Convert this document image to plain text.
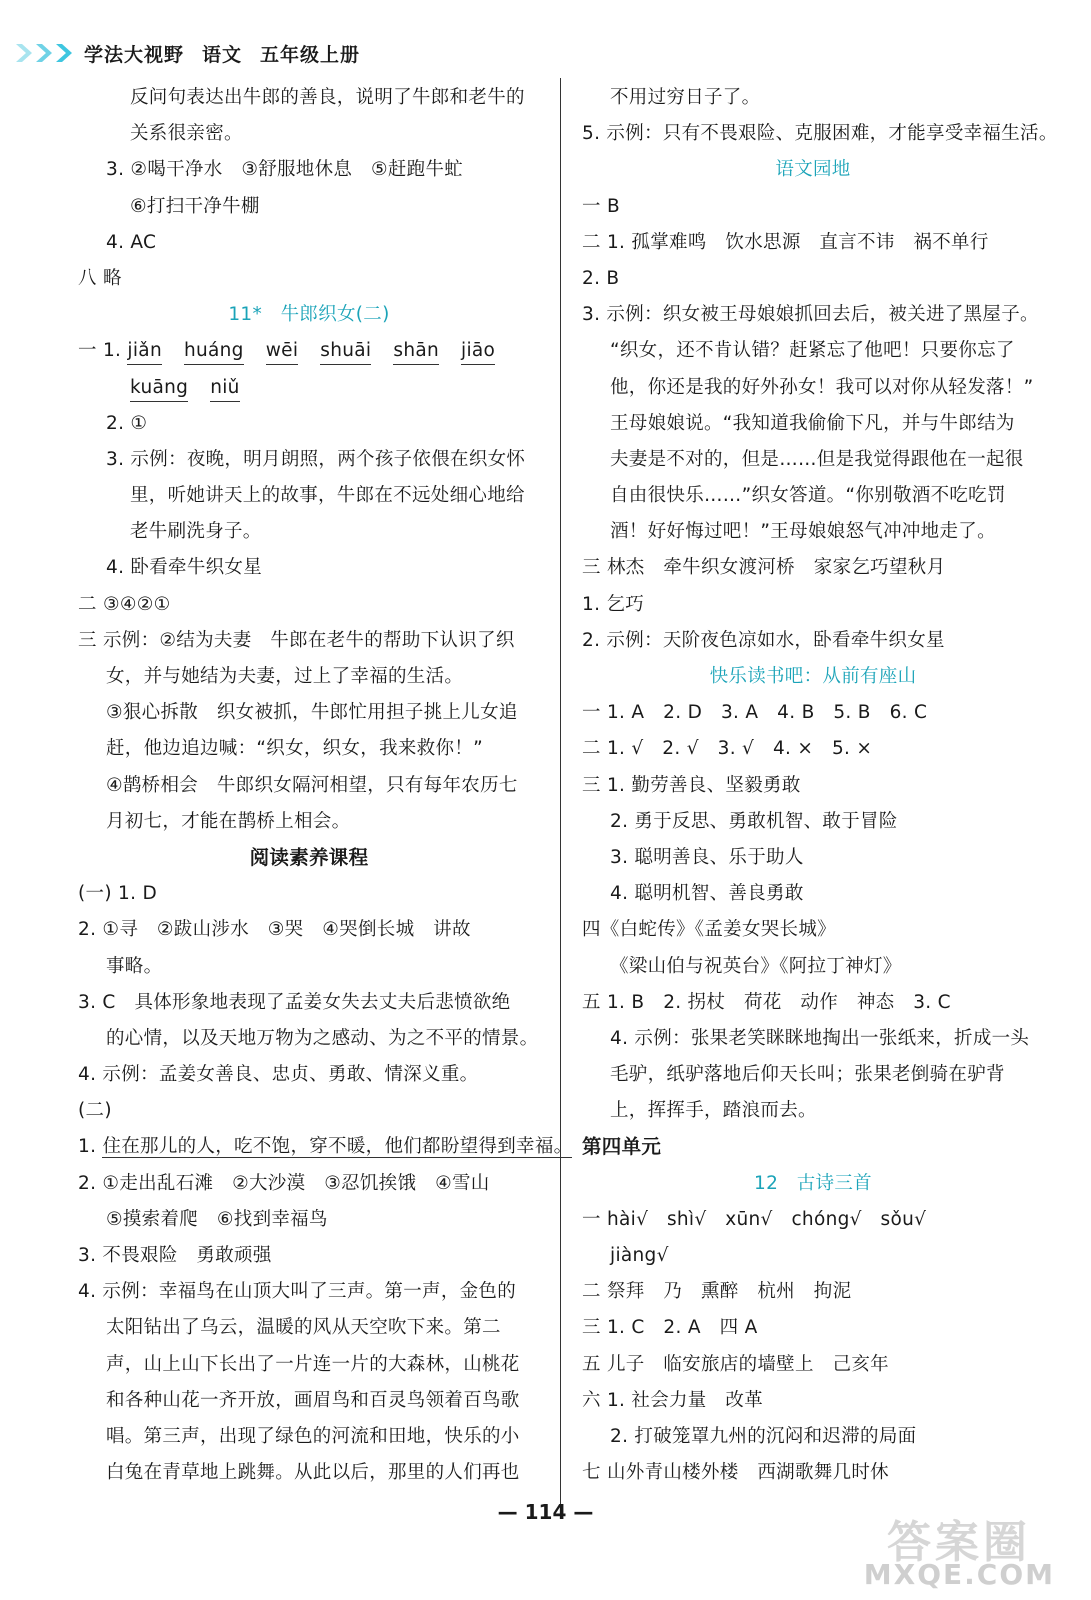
学法大视野 语文 五年级上册
反问句表达出牛郎的善良，说明了牛郎和老牛的
关系很亲密。
3. ②喝干净水　③舒服地休息　⑤赶跑牛虻
⑥打扫干净牛棚
4. AC
八 略
11* 牛郎织女(二)
一 1. jiǎn huáng wēi shuāi shān jiāo
kuāng niǔ
2. ①
3. 示例：夜晚，明月朗照，两个孩子依偎在织女怀
里，听她讲天上的故事，牛郎在不远处细心地给
老牛刷洗身子。
4. 卧看牵牛织女星
二 ③④②①
三 示例：②结为夫妻　牛郎在老牛的帮助下认识了织
女，并与她结为夫妻，过上了幸福的生活。
③狠心拆散　织女被抓，牛郎忙用担子挑上儿女追
赶，他边追边喊：“织女，织女，我来救你！”
④鹊桥相会　牛郎织女隔河相望，只有每年农历七
月初七，才能在鹊桥上相会。
阅读素养课程
(一) 1. D
2. ①寻　②跋山涉水　③哭　④哭倒长城　讲故
事略。
3. C　具体形象地表现了孟姜女失去丈夫后悲愤欲绝
的心情，以及天地万物为之感动、为之不平的情景。
4. 示例：孟姜女善良、忠贞、勇敢、情深义重。
(二)
1. 住在那儿的人，吃不饱，穿不暖，他们都盼望得到幸福。
2. ①走出乱石滩　②大沙漠　③忍饥挨饿　④雪山
⑤摸索着爬　⑥找到幸福鸟
3. 不畏艰险　勇敢顽强
4. 示例：幸福鸟在山顶大叫了三声。第一声，金色的
太阳钻出了乌云，温暖的风从天空吹下来。第二
声，山上山下长出了一片连一片的大森林，山桃花
和各种山花一齐开放，画眉鸟和百灵鸟领着百鸟歌
唱。第三声，出现了绿色的河流和田地，快乐的小
白兔在青草地上跳舞。从此以后，那里的人们再也
不用过穷日子了。
5. 示例：只有不畏艰险、克服困难，才能享受幸福生活。
语文园地
一 B
二 1. 孤掌难鸣　饮水思源　直言不讳　祸不单行
2. B
3. 示例：织女被王母娘娘抓回去后，被关进了黑屋子。
“织女，还不肯认错？赶紧忘了他吧！只要你忘了
他，你还是我的好外孙女！我可以对你从轻发落！”
王母娘娘说。“我知道我偷偷下凡，并与牛郎结为
夫妻是不对的，但是……但是我觉得跟他在一起很
自由很快乐……”织女答道。“你别敬酒不吃吃罚
酒！好好悔过吧！”王母娘娘怒气冲冲地走了。
三 林杰　牵牛织女渡河桥　家家乞巧望秋月
1. 乞巧
2. 示例：天阶夜色凉如水，卧看牵牛织女星
快乐读书吧：从前有座山
一 1. A　2. D　3. A　4. B　5. B　6. C
二 1. √　2. √　3. √　4. ×　5. ×
三 1. 勤劳善良、坚毅勇敢
2. 勇于反思、勇敢机智、敢于冒险
3. 聪明善良、乐于助人
4. 聪明机智、善良勇敢
四《白蛇传》《孟姜女哭长城》
《梁山伯与祝英台》《阿拉丁神灯》
五 1. B　2. 拐杖　荷花　动作　神态　3. C
4. 示例：张果老笑眯眯地掏出一张纸来，折成一头
毛驴，纸驴落地后仰天长叫；张果老倒骑在驴背
上，挥挥手，踏浪而去。
第四单元
12 古诗三首
一 hài√　shì√　xūn√　chóng√　sǒu√
jiàng√
二 祭拜　乃　熏醉　杭州　拘泥
三 1. C　2. A　四 A
五 儿子　临安旅店的墙壁上　己亥年
六 1. 社会力量　改革
2. 打破笼罩九州的沉闷和迟滞的局面
七 山外青山楼外楼　西湖歌舞几时休
— 114 —
答案圈
MXQE.COM
